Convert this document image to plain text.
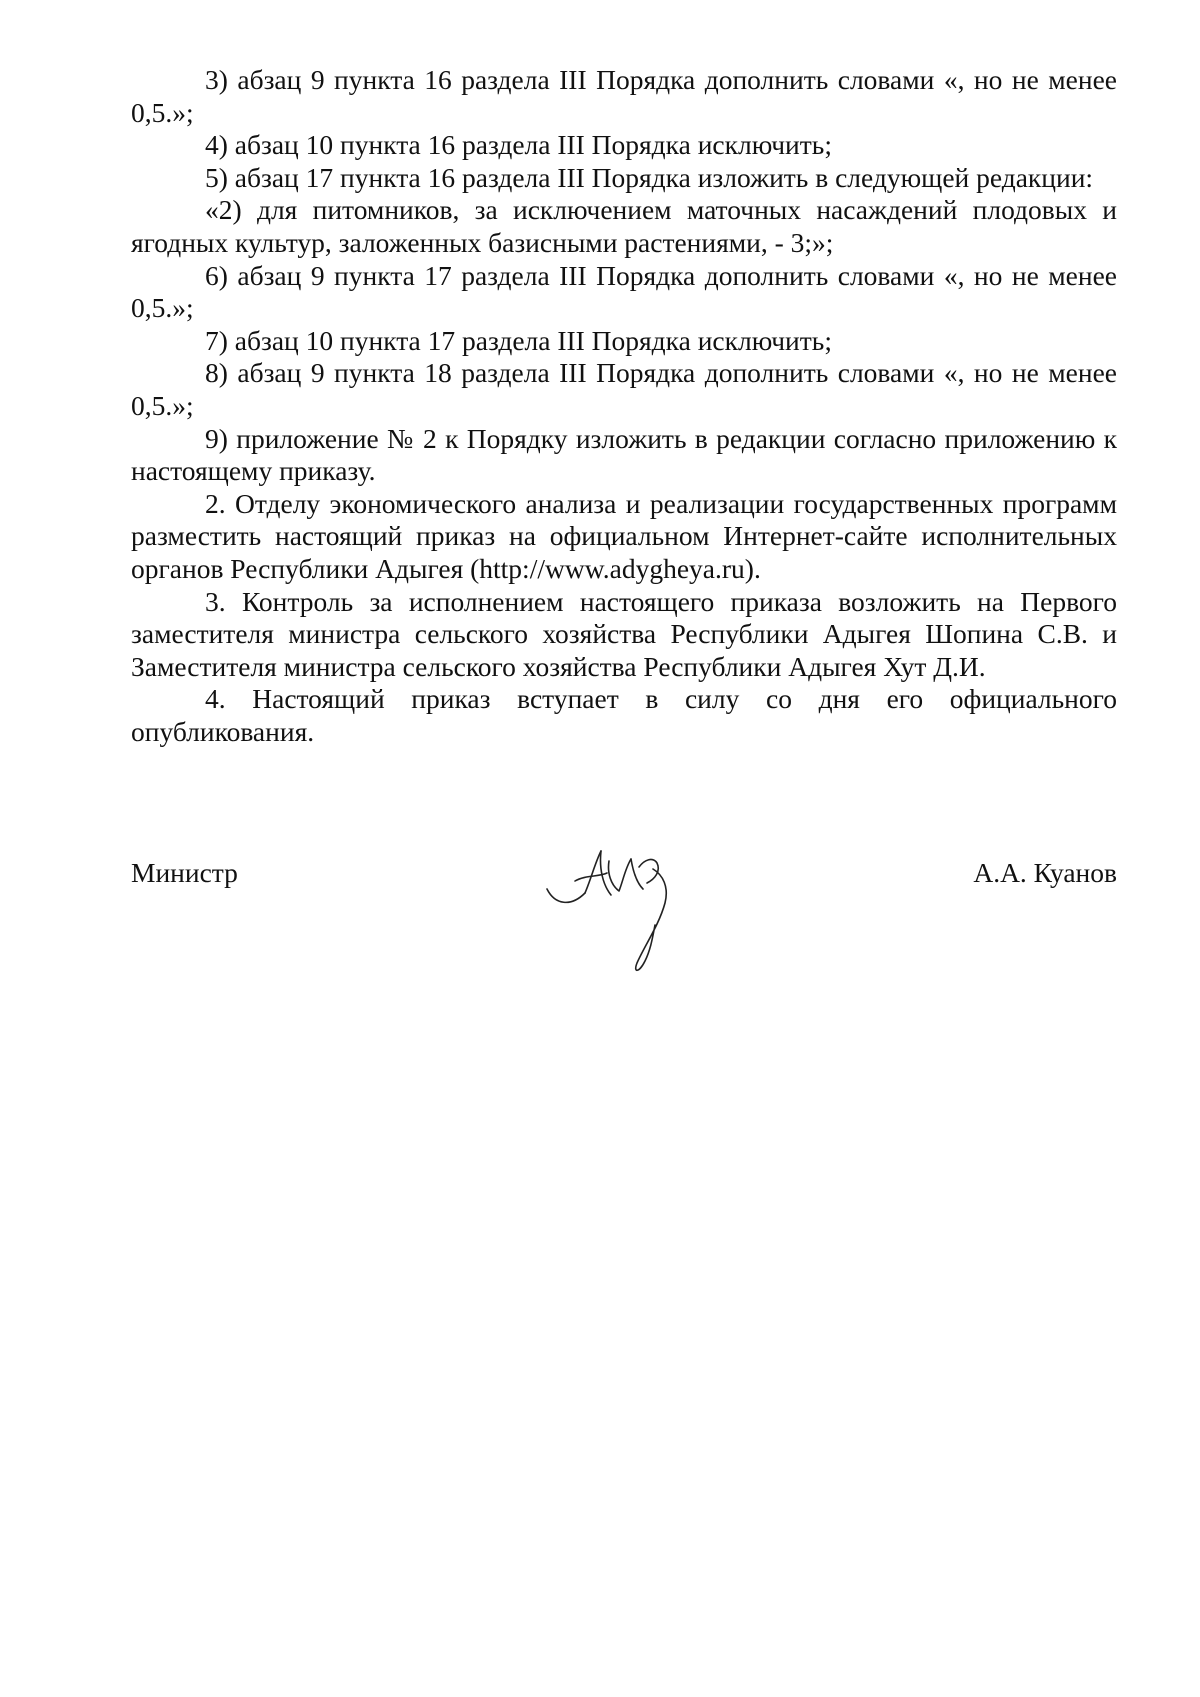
3) абзац 9 пункта 16 раздела III Порядка дополнить словами «, но не менее 0,5.»;

4) абзац 10 пункта 16 раздела III Порядка исключить;

5) абзац 17 пункта 16 раздела III Порядка изложить в следующей редакции:

«2) для питомников, за исключением маточных насаждений плодовых и ягодных культур, заложенных базисными растениями, - 3;»;

6) абзац 9 пункта 17 раздела III Порядка дополнить словами «, но не менее 0,5.»;

7) абзац 10 пункта 17 раздела III Порядка исключить;

8) абзац 9 пункта 18 раздела III Порядка дополнить словами «, но не менее 0,5.»;

9) приложение № 2 к Порядку изложить в редакции согласно приложению к настоящему приказу.

2. Отделу экономического анализа и реализации государственных программ разместить настоящий приказ на официальном Интернет-сайте исполнительных органов Республики Адыгея (http://www.adygheya.ru).

3. Контроль за исполнением настоящего приказа возложить на Первого заместителя министра сельского хозяйства Республики Адыгея Шопина С.В. и Заместителя министра сельского хозяйства Республики Адыгея Хут Д.И.

4. Настоящий приказ вступает в силу со дня его официального опубликования.

Министр	А.А. Куанов
